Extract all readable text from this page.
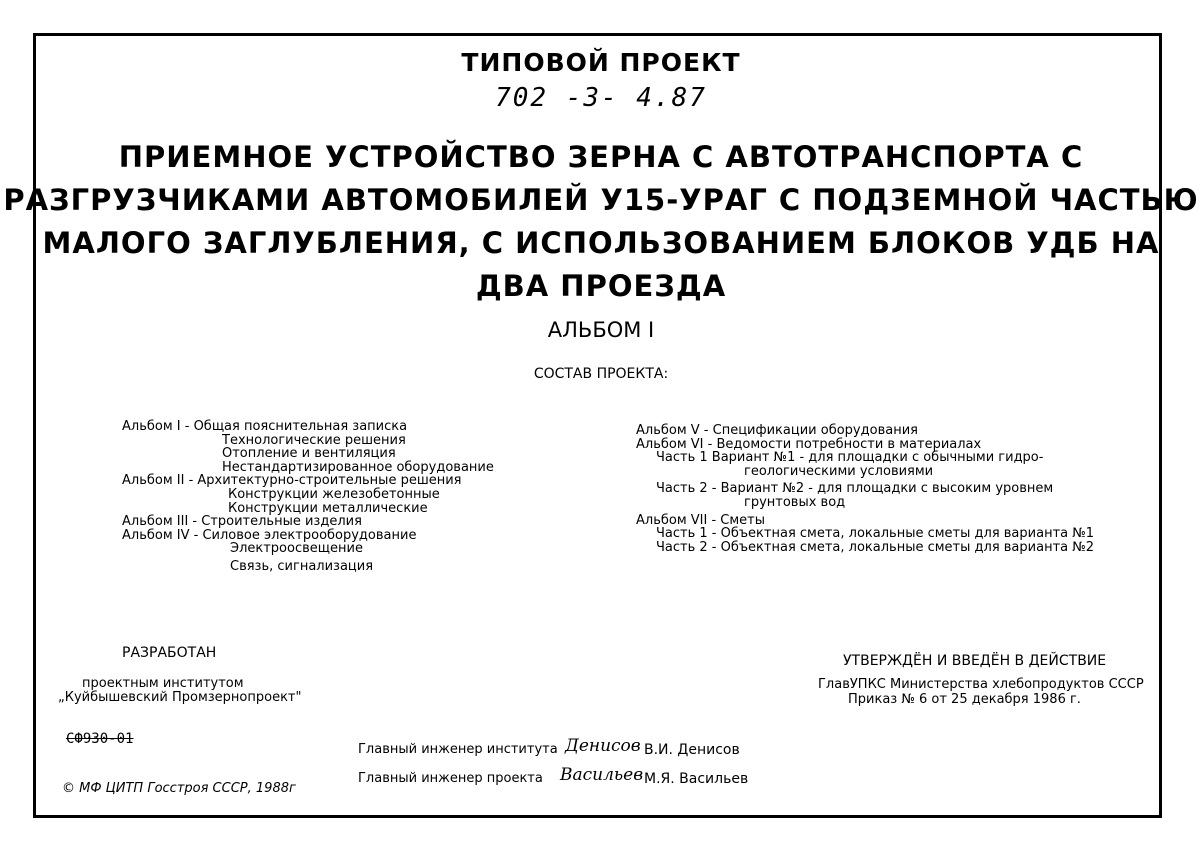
ТИПОВОЙ ПРОЕКТ
702 -3- 4.87
ПРИЕМНОЕ УСТРОЙСТВО ЗЕРНА С АВТОТРАНСПОРТА С
РАЗГРУЗЧИКАМИ АВТОМОБИЛЕЙ У15-УРАГ С ПОДЗЕМНОЙ ЧАСТЬЮ
МАЛОГО ЗАГЛУБЛЕНИЯ, С ИСПОЛЬЗОВАНИЕМ БЛОКОВ УДБ НА
ДВА ПРОЕЗДА
АЛЬБОМ I
СОСТАВ ПРОЕКТА:
Альбом I - Общая пояснительная записка
Технологические решения
Отопление и вентиляция
Нестандартизированное оборудование
Альбом II - Архитектурно-строительные решения
Конструкции железобетонные
Конструкции металлические
Альбом III - Строительные изделия
Альбом IV - Силовое электрооборудование
Электроосвещение
Связь, сигнализация
Альбом V - Спецификации оборудования
Альбом VI - Ведомости потребности в материалах
Часть 1 Вариант №1 - для площадки с обычными гидро-
геологическими условиями
Часть 2 - Вариант №2 - для площадки с высоким уровнем
грунтовых вод
Альбом VII - Сметы
Часть 1 - Объектная смета, локальные сметы для варианта №1
Часть 2 - Объектная смета, локальные сметы для варианта №2
РАЗРАБОТАН
проектным институтом
„Куйбышевский Промзернопроект"
УТВЕРЖДЁН И ВВЕДЁН В ДЕЙСТВИЕ
ГлавУПКС Министерства хлебопродуктов СССР
Приказ № 6 от 25 декабря 1986 г.
СФ930-01
© МФ ЦИТП Госстроя СССР, 1988г
Главный инженер института Денисов В.И. Денисов
Главный инженер проекта Васильев М.Я. Васильев
